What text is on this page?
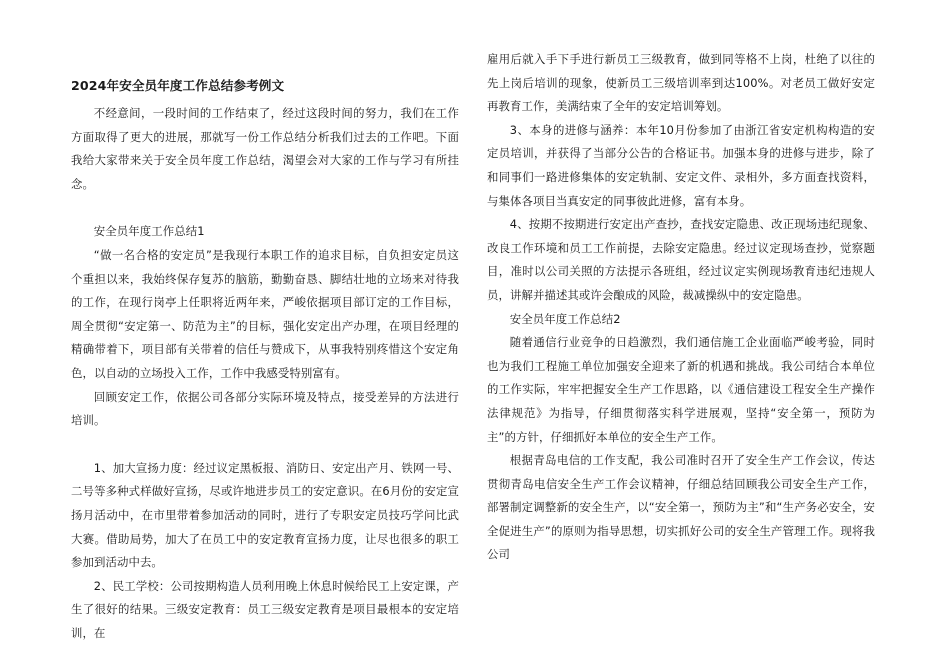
2024年安全员年度工作总结参考例文

不经意间，一段时间的工作结束了，经过这段时间的努力，我们在工作方面取得了更大的进展，那就写一份工作总结分析我们过去的工作吧。下面我给大家带来关于安全员年度工作总结，渴望会对大家的工作与学习有所挂念。

安全员年度工作总结1

“做一名合格的安定员”是我现行本职工作的追求目标，自负担安定员这个重担以来，我始终保存复苏的脑筋，勤勤奋恳、脚结壮地的立场来对待我的工作，在现行岗亭上任职将近两年来，严峻依据项目部订定的工作目标，周全贯彻“安定第一、防范为主”的目标，强化安定出产办理，在项目经理的精确带着下，项目部有关带着的信任与赞成下，从事我特别疼惜这个安定角色，以自动的立场投入工作，工作中我感受特别富有。

回顾安定工作，依据公司各部分实际环境及特点，接受差异的方法进行培训。

1、加大宣扬力度：经过议定黑板报、消防日、安定出产月、铁网一号、二号等多种式样做好宣扬，尽或许地进步员工的安定意识。在6月份的安定宣扬月活动中，在市里带着参加活动的同时，进行了专职安定员技巧学问比武大赛。借助局势，加大了在员工中的安定教育宣扬力度，让尽也很多的职工参加到活动中去。

2、民工学校：公司按期构造人员利用晚上休息时候给民工上安定课，产生了很好的结果。三级安定教育：员工三级安定教育是项目最根本的安定培训，在

雇用后就入手下手进行新员工三级教育，做到同等格不上岗，杜绝了以往的先上岗后培训的现象，使新员工三级培训率到达100%。对老员工做好安定再教育工作，美满结束了全年的安定培训筹划。

3、本身的进修与涵养：本年10月份参加了由浙江省安定机构构造的安定员培训，并获得了当部分公告的合格证书。加强本身的进修与进步，除了和同事们一路进修集体的安定轨制、安定文件、录相外，多方面查找资料，与集体各项目当真安定的同事彼此进修，富有本身。

4、按期不按期进行安定出产查抄，查找安定隐患、改正现场违纪现象、改良工作环境和员工工作前提，去除安定隐患。经过议定现场查抄，觉察题目，准时以公司关照的方法提示各班组，经过议定实例现场教育违纪违规人员，讲解并描述其或许会酿成的风险，裁减操纵中的安定隐患。

安全员年度工作总结2

随着通信行业竞争的日趋激烈，我们通信施工企业面临严峻考验，同时也为我们工程施工单位加强安全迎来了新的机遇和挑战。我公司结合本单位的工作实际，牢牢把握安全生产工作思路，以《通信建设工程安全生产操作法律规范》为指导，仔细贯彻落实科学进展观，坚持“安全第一，预防为主”的方针，仔细抓好本单位的安全生产工作。

根据青岛电信的工作支配，我公司准时召开了安全生产工作会议，传达贯彻青岛电信安全生产工作会议精神，仔细总结回顾我公司安全生产工作，部署制定调整新的安全生产，以“安全第一，预防为主”和“生产务必安全，安全促进生产”的原则为指导思想，切实抓好公司的安全生产管理工作。现将我公司
